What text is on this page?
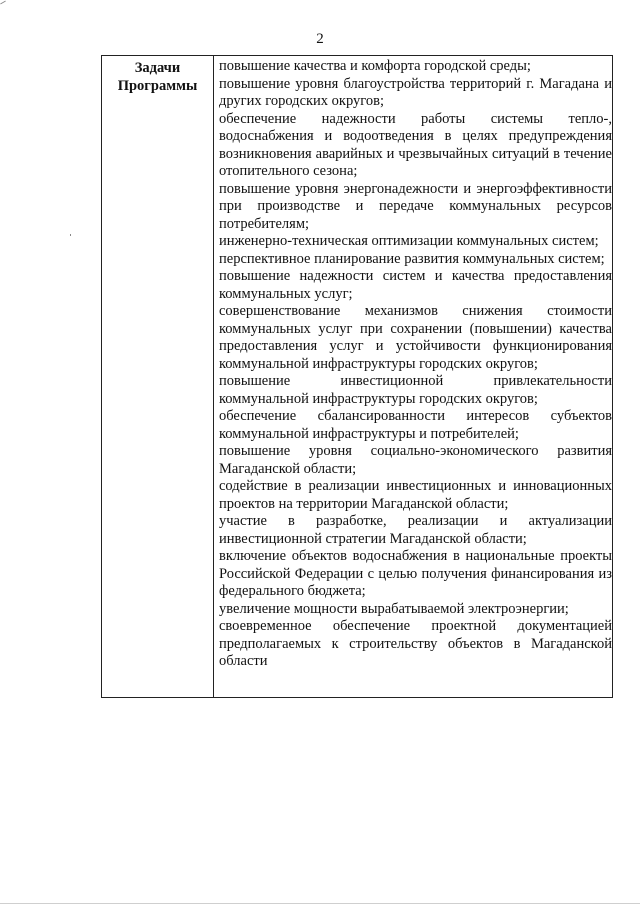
2
Задачи Программы

повышение качества и комфорта городской среды;

повышение уровня благоустройства территорий г. Магадана и других городских округов;

обеспечение надежности работы системы тепло-, водоснабжения и водоотведения в целях предупреждения возникновения аварийных и чрезвычайных ситуаций в течение отопительного сезона;

повышение уровня энергонадежности и энергоэффективности при производстве и передаче коммунальных ресурсов потребителям;

инженерно-техническая оптимизации коммунальных систем;

перспективное планирование развития коммунальных систем;

повышение надежности систем и качества предоставления коммунальных услуг;

совершенствование механизмов снижения стоимости коммунальных услуг при сохранении (повышении) качества предоставления услуг и устойчивости функционирования коммунальной инфраструктуры городских округов;

повышение инвестиционной привлекательности коммунальной инфраструктуры городских округов;

обеспечение сбалансированности интересов субъектов коммунальной инфраструктуры и потребителей;

повышение уровня социально-экономического развития Магаданской области;

содействие в реализации инвестиционных и инновационных проектов на территории Магаданской области;

участие в разработке, реализации и актуализации инвестиционной стратегии Магаданской области;

включение объектов водоснабжения в национальные проекты Российской Федерации с целью получения финансирования из федерального бюджета;

увеличение мощности вырабатываемой электроэнергии;

своевременное обеспечение проектной документацией предполагаемых к строительству объектов в Магаданской области
